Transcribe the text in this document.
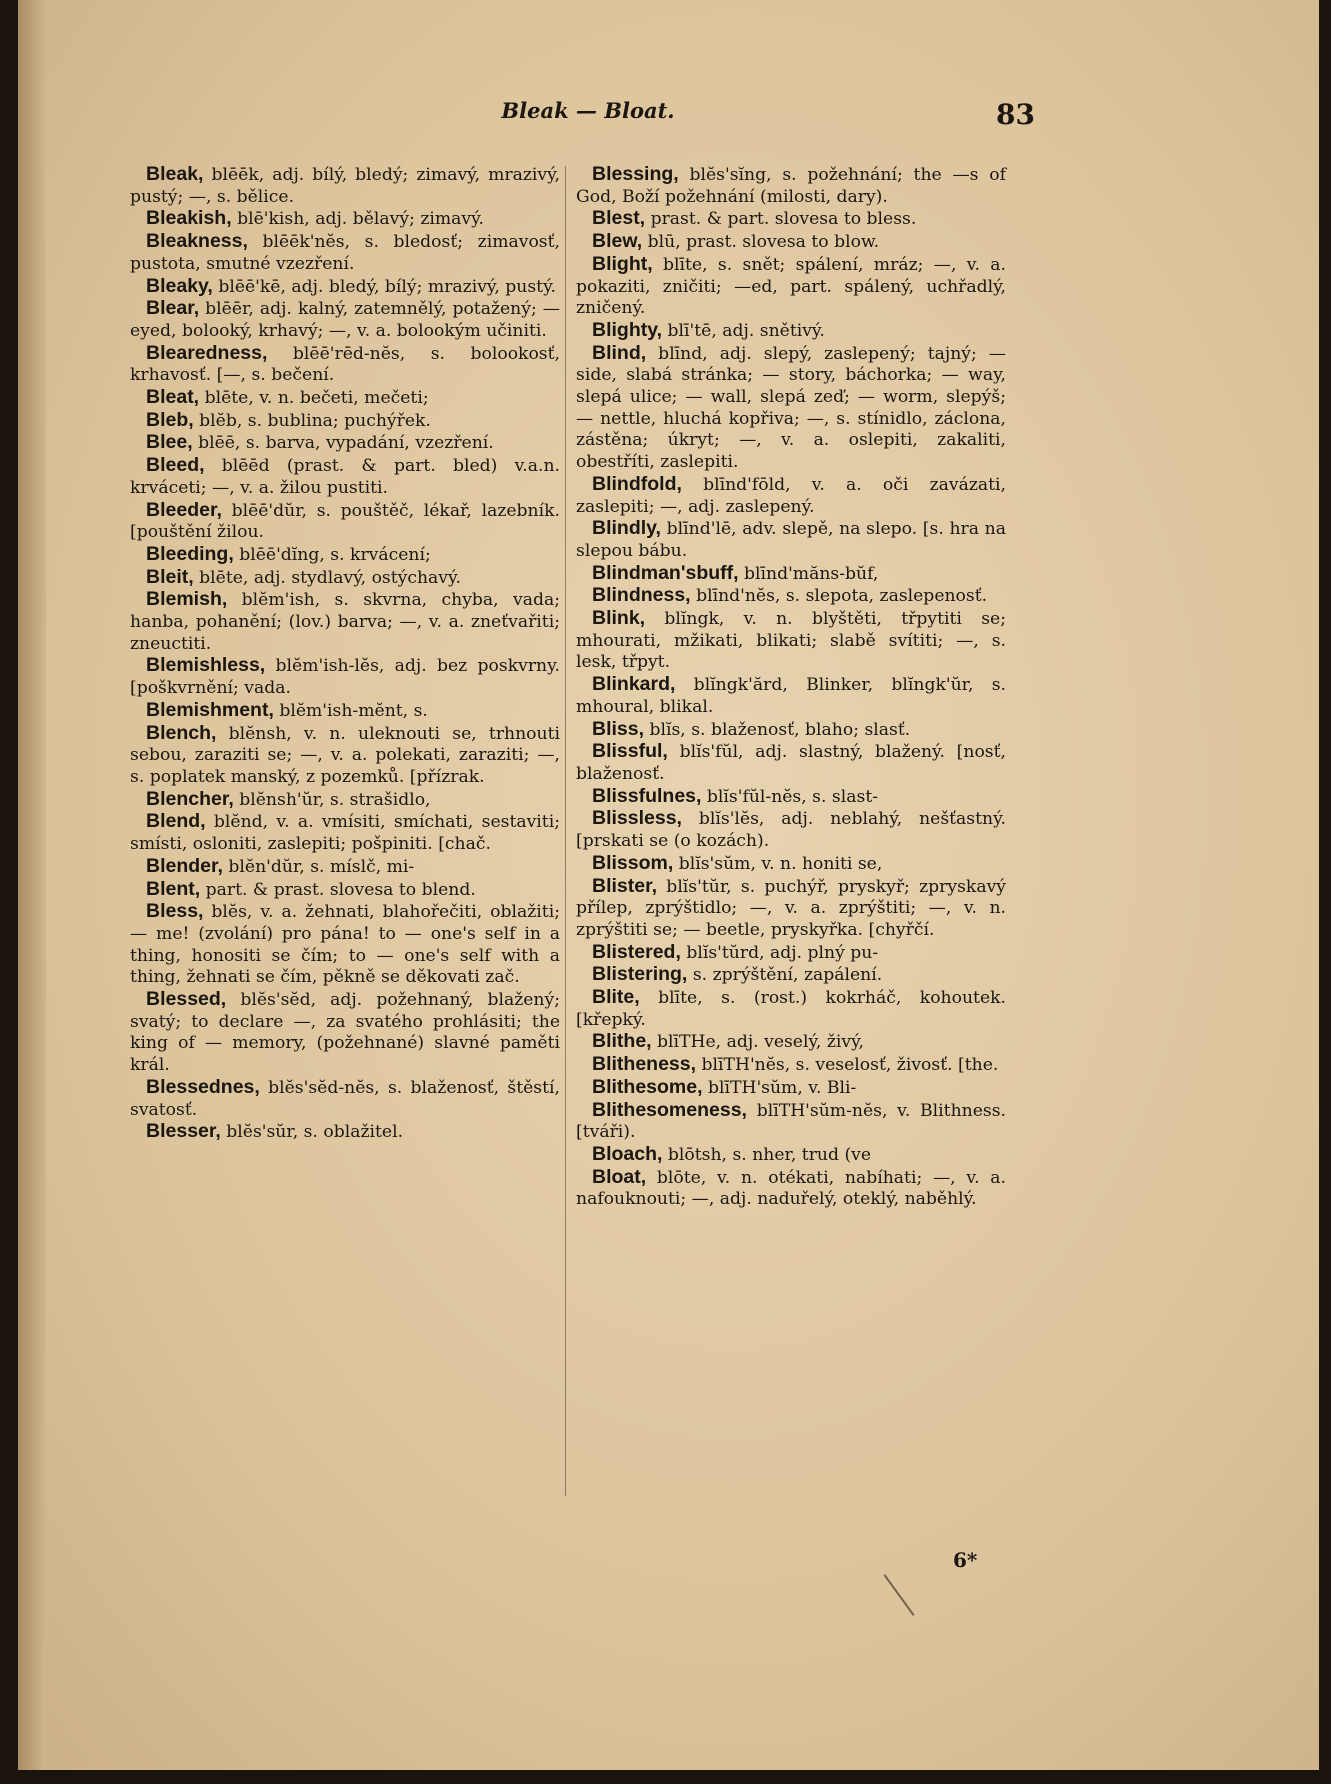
Bleak — Bloat.	83

Bleak, blēēk, adj. bílý, bledý; zimavý, mrazivý, pustý; —, s. bělice.

Bleakish, blē'kish, adj. bělavý; zimavý.

Bleakness, blēēk'nĕs, s. bledosť; zimavosť, pustota, smutné vzezření.

Bleaky, blēē'kē, adj. bledý, bílý; mrazivý, pustý.

Blear, blēēr, adj. kalný, zatemnělý, potažený; — eyed, bolooký, krhavý; —, v. a. bolookým učiniti.

Blearedness, blēē'rēd-nĕs, s. bolookosť, krhavosť. [—, s. bečení.

Bleat, blēte, v. n. bečeti, mečeti;

Bleb, blĕb, s. bublina; puchýřek.

Blee, blēē, s. barva, vypadání, vzezření.

Bleed, blēēd (prast. & part. bled) v.a.n. krváceti; —, v. a. žilou pustiti.

Bleeder, blēē'dŭr, s. pouštěč, lékař, lazebník. [pouštění žilou.

Bleeding, blēē'dĭng, s. krvácení;

Bleit, blēte, adj. stydlavý, ostýchavý.

Blemish, blĕm'ish, s. skvrna, chyba, vada; hanba, pohanění; (lov.) barva; —, v. a. zneťvařiti; zneuctiti.

Blemishless, blĕm'ish-lĕs, adj. bez poskvrny. [poškvrnění; vada.

Blemishment, blĕm'ish-mĕnt, s.

Blench, blĕnsh, v. n. uleknouti se, trhnouti sebou, zaraziti se; —, v. a. polekati, zaraziti; —, s. poplatek manský, z pozemků. [přízrak.

Blencher, blĕnsh'ŭr, s. strašidlo,

Blend, blĕnd, v. a. vmísiti, smíchati, sestaviti; smísti, osloniti, zaslepiti; pošpiniti. [chač.

Blender, blĕn'dŭr, s. míslč, mi-

Blent, part. & prast. slovesa to blend.

Bless, blĕs, v. a. žehnati, blahořečiti, oblažiti; — me! (zvolání) pro pána! to — one's self in a thing, honositi se čím; to — one's self with a thing, žehnati se čím, pěkně se děkovati zač.

Blessed, blĕs'sĕd, adj. požehnaný, blažený; svatý; to declare —, za svatého prohlásiti; the king of — memory, (požehnané) slavné paměti král.

Blessednes, blĕs'sĕd-nĕs, s. blaženosť, štěstí, svatosť.

Blesser, blĕs'sŭr, s. oblažitel.

Blessing, blĕs'sĭng, s. požehnání; the —s of God, Boží požehnání (milosti, dary).

Blest, prast. & part. slovesa to bless.

Blew, blū, prast. slovesa to blow.

Blight, blīte, s. snět; spálení, mráz; —, v. a. pokaziti, zničiti; —ed, part. spálený, uchřadlý, zničený.

Blighty, blī'tē, adj. snětivý.

Blind, blīnd, adj. slepý, zaslepený; tajný; — side, slabá stránka; — story, báchorka; — way, slepá ulice; — wall, slepá zeď; — worm, slepýš; — nettle, hluchá kopřiva; —, s. stínidlo, záclona, zástěna; úkryt; —, v. a. oslepiti, zakaliti, obestříti, zaslepiti.

Blindfold, blīnd'fōld, v. a. oči zavázati, zaslepiti; —, adj. zaslepený.

Blindly, blīnd'lē, adv. slepě, na slepo. [s. hra na slepou bábu.

Blindman'sbuff, blīnd'măns-bŭf,

Blindness, blīnd'nĕs, s. slepota, zaslepenosť.

Blink, blĭngk, v. n. blyštěti, třpytiti se; mhourati, mžikati, blikati; slabě svítiti; —, s. lesk, třpyt.

Blinkard, blĭngk'ărd, Blinker, blĭngk'ŭr, s. mhoural, blikal.

Bliss, blĭs, s. blaženosť, blaho; slasť.

Blissful, blĭs'fŭl, adj. slastný, blažený. [nosť, blaženosť.

Blissfulnes, blĭs'fŭl-nĕs, s. slast-

Blissless, blĭs'lĕs, adj. neblahý, nešťastný. [prskati se (o kozách).

Blissom, blĭs'sŭm, v. n. honiti se,

Blister, blĭs'tŭr, s. puchýř, pryskyř; zpryskavý přílep, zprýštidlo; —, v. a. zprýštiti; —, v. n. zprýštiti se; — beetle, pryskyřka. [chyřčí.

Blistered, blĭs'tŭrd, adj. plný pu-

Blistering, s. zprýštění, zapálení.

Blite, blīte, s. (rost.) kokrháč, kohoutek. [křepký.

Blithe, blīTHe, adj. veselý, živý,

Blitheness, blīTH'nĕs, s. veselosť, živosť. [the.

Blithesome, blīTH'sŭm, v. Bli-

Blithesomeness, blīTH'sŭm-nĕs, v. Blithness. [tváři).

Bloach, blōtsh, s. nher, trud (ve

Bloat, blōte, v. n. otékati, nabíhati; —, v. a. nafouknouti; —, adj. naduřelý, oteklý, naběhlý.

6*
